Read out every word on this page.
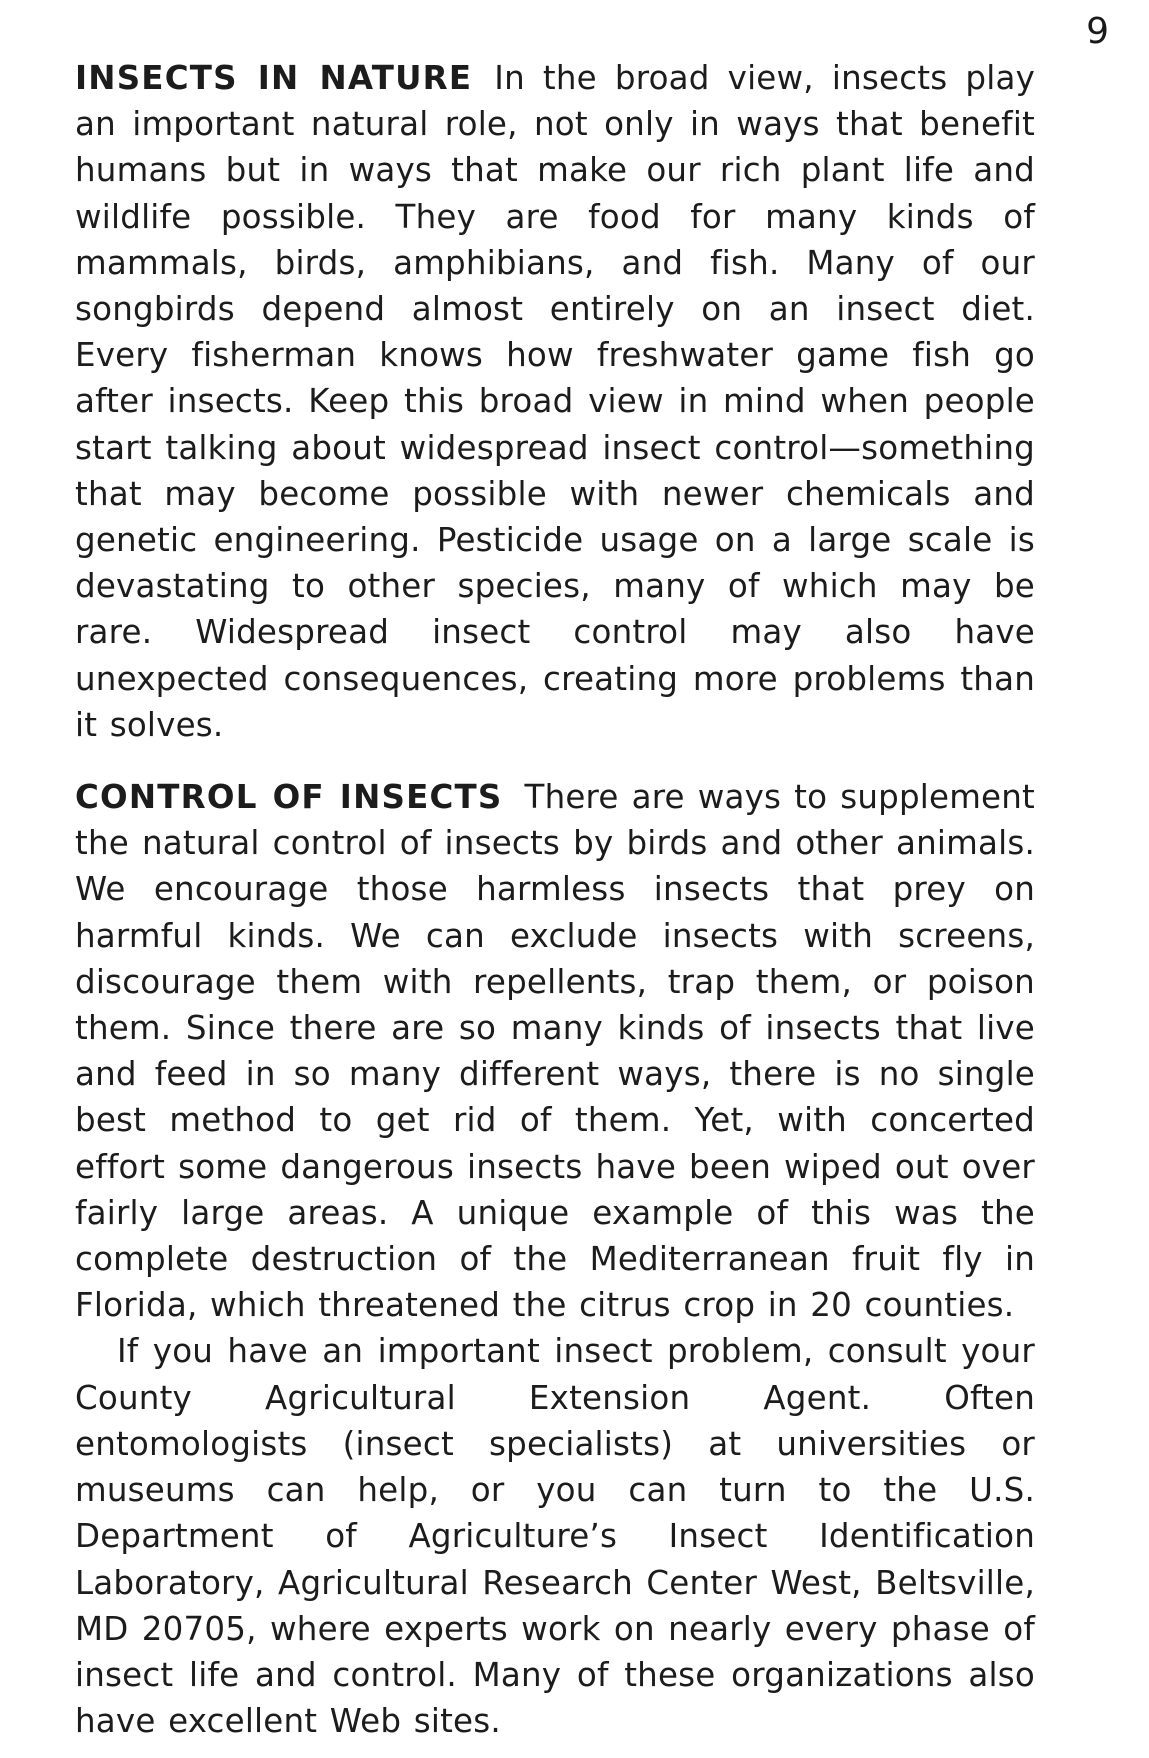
9

INSECTS IN NATURE In the broad view, insects play an important natural role, not only in ways that benefit humans but in ways that make our rich plant life and wildlife possible. They are food for many kinds of mammals, birds, amphibians, and fish. Many of our songbirds depend almost entirely on an insect diet. Every fisherman knows how freshwater game fish go after insects. Keep this broad view in mind when people start talking about widespread insect control—something that may become possible with newer chemicals and genetic engineering. Pesticide usage on a large scale is devastating to other species, many of which may be rare. Widespread insect control may also have unexpected consequences, creating more problems than it solves.

CONTROL OF INSECTS There are ways to supplement the natural control of insects by birds and other animals. We encourage those harmless insects that prey on harmful kinds. We can exclude insects with screens, discourage them with repellents, trap them, or poison them. Since there are so many kinds of insects that live and feed in so many different ways, there is no single best method to get rid of them. Yet, with concerted effort some dangerous insects have been wiped out over fairly large areas. A unique example of this was the complete destruction of the Mediterranean fruit fly in Florida, which threatened the citrus crop in 20 counties.

If you have an important insect problem, consult your County Agricultural Extension Agent. Often entomologists (insect specialists) at universities or museums can help, or you can turn to the U.S. Department of Agriculture’s Insect Identification Laboratory, Agricultural Research Center West, Beltsville, MD 20705, where experts work on nearly every phase of insect life and control. Many of these organizations also have excellent Web sites.
